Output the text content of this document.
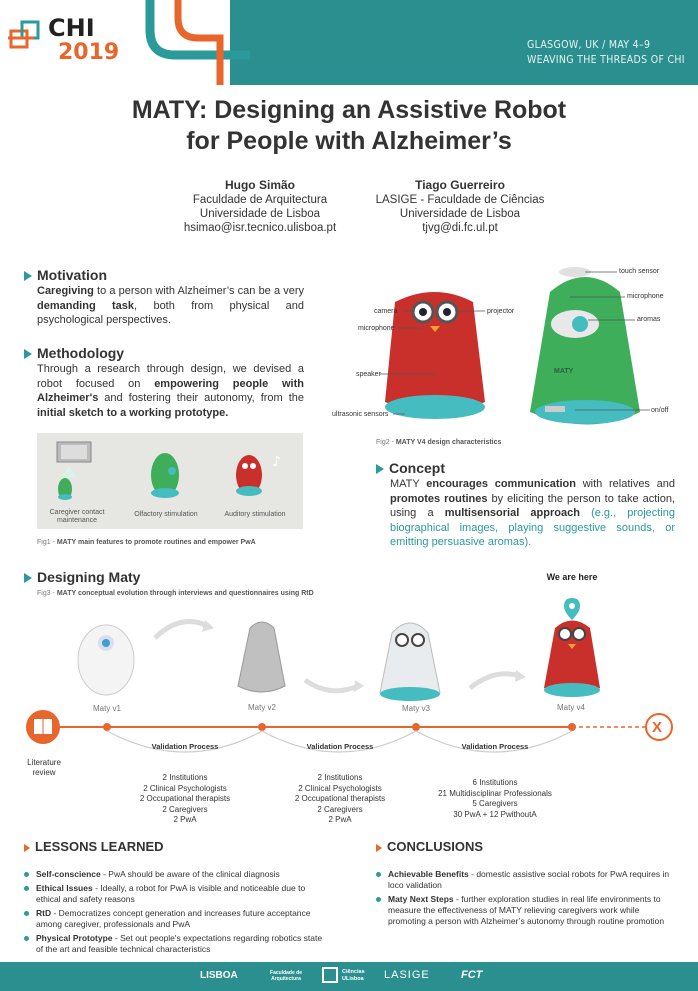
CHI
2019	GLASGOW, UK / MAY 4–9
WEAVING THE THREADS OF CHI
MATY: Designing an Assistive Robot
for People with Alzheimer’s
Hugo Simão
Faculdade de Arquitectura
Universidade de Lisboa
hsimao@isr.tecnico.ulisboa.pt
Tiago Guerreiro
LASIGE - Faculdade de Ciências
Universidade de Lisboa
tjvg@di.fc.ul.pt
Motivation
Caregiving to a person with Alzheimer’s can be a very demanding task, both from physical and psychological perspectives.
Methodology
Through a research through design, we devised a robot focused on empowering people with Alzheimer's and fostering their autonomy, from the initial sketch to a working prototype.
♪
Caregiver contact maintenance
Olfactory stimulation	Auditory stimulation
Fig1 - MATY main features to promote routines and empower PwA
MATY
camera	projector
microphone
speaker
ultrasonic sensors
touch sensor
microphone
aromas
on/off
Fig2 - MATY V4 design characteristics
Concept
MATY encourages communication with relatives and promotes routines by eliciting the person to take action, using a multisensorial approach (e.g., projecting biographical images, playing suggestive sounds, or emitting persuasive aromas).
Designing Maty
Fig3 - MATY conceptual evolution through interviews and questionnaires using RtD
We are here
X
Maty v1	Maty v2	Maty v3	Maty v4
Literature review
Validation Process	Validation Process	Validation Process
2 Institutions
2 Clinical Psychologists
2 Occupational therapists
2 Caregivers
2 PwA
2 Institutions
2 Clinical Psychologists
2 Occupational therapists
2 Caregivers
2 PwA
6 Institutions
21 Multidisciplinar Professionals
5 Caregivers
30 PwA + 12 PwithoutA
LESSONS LEARNED
Self-conscience - PwA should be aware of the clinical diagnosis
Ethical Issues - Ideally, a robot for PwA is visible and noticeable due to ethical and safety reasons
RtD - Democratizes concept generation and increases future acceptance among caregiver, professionals and PwA
Physical Prototype - Set out people's expectations regarding robotics state of the art and feasible technical characteristics
CONCLUSIONS
Achievable Benefits - domestic assistive social robots for PwA requires in loco validation
Maty Next Steps - further exploration studies in real life environments to measure the effectiveness of MATY relieving caregivers work while promoting a person with Alzheimer’s autonomy through routine promotion
LISBOA	Faculdade de Arquitectura
Ciências ULisboa	LASIGE	FCT
